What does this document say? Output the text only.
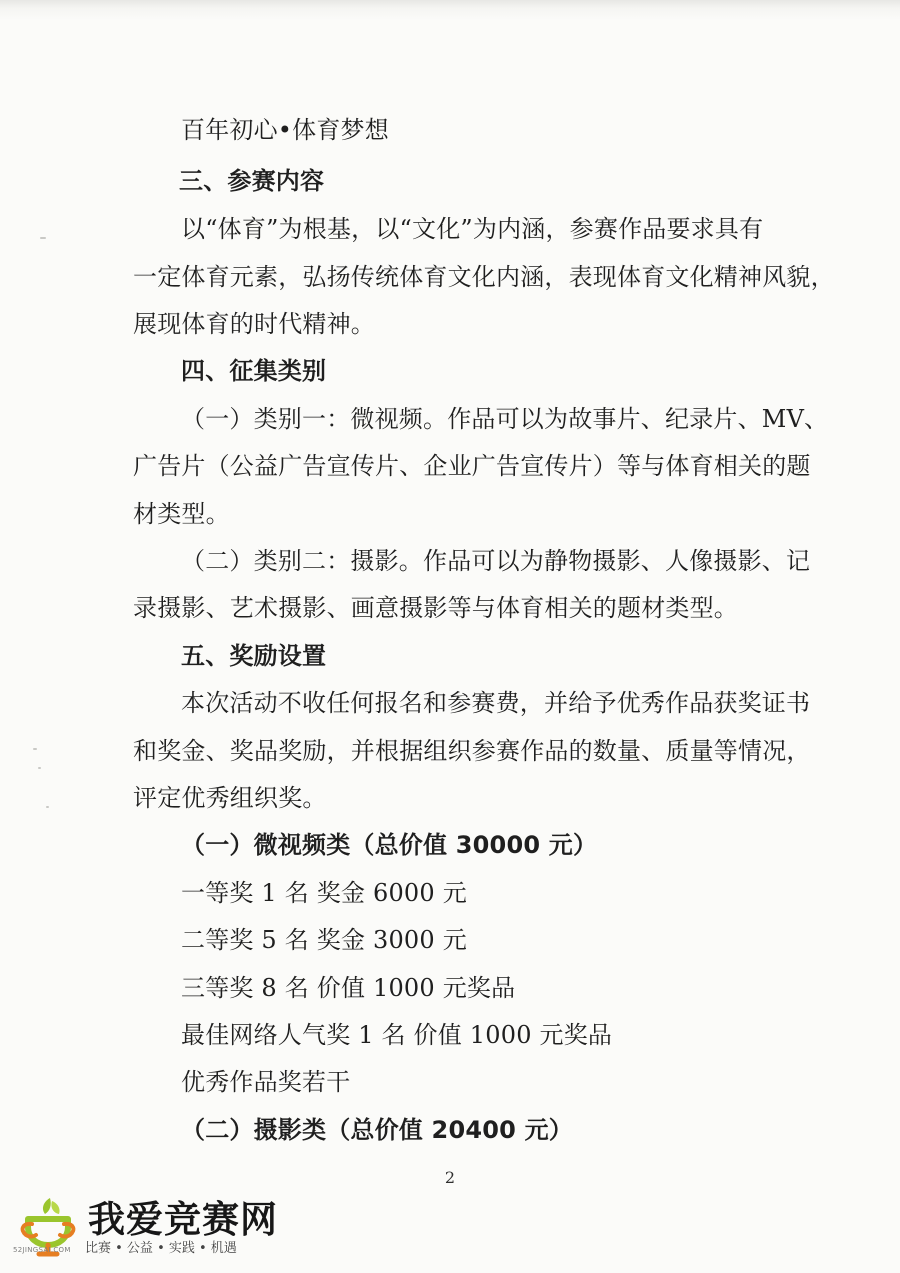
百年初心•体育梦想
三、参赛内容
以“体育”为根基，以“文化”为内涵，参赛作品要求具有
一定体育元素，弘扬传统体育文化内涵，表现体育文化精神风貌，
展现体育的时代精神。
四、征集类别
（一）类别一：微视频。作品可以为故事片、纪录片、MV、
广告片（公益广告宣传片、企业广告宣传片）等与体育相关的题
材类型。
（二）类别二：摄影。作品可以为静物摄影、人像摄影、记
录摄影、艺术摄影、画意摄影等与体育相关的题材类型。
五、奖励设置
本次活动不收任何报名和参赛费，并给予优秀作品获奖证书
和奖金、奖品奖励，并根据组织参赛作品的数量、质量等情况，
评定优秀组织奖。
（一）微视频类（总价值 30000 元）
一等奖 1 名 奖金 6000 元
二等奖 5 名 奖金 3000 元
三等奖 8 名 价值 1000 元奖品
最佳网络人气奖 1 名 价值 1000 元奖品
优秀作品奖若干
（二）摄影类（总价值 20400 元）
2
我爱竞赛网
比赛 • 公益 • 实践 • 机遇
52JINGSAI.COM
